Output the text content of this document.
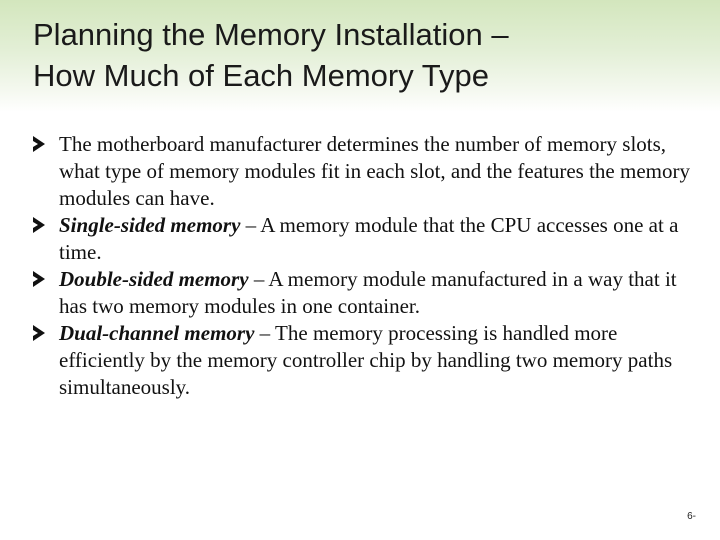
Planning the Memory Installation –
How Much of Each Memory Type
The motherboard manufacturer determines the number of memory slots, what type of memory modules fit in each slot, and the features the memory modules can have.
Single-sided memory – A memory module that the CPU accesses one at a time.
Double-sided memory – A memory module manufactured in a way that it has two memory modules in one container.
Dual-channel memory – The memory processing is handled more efficiently by the memory controller chip by handling two memory paths simultaneously.
6-
